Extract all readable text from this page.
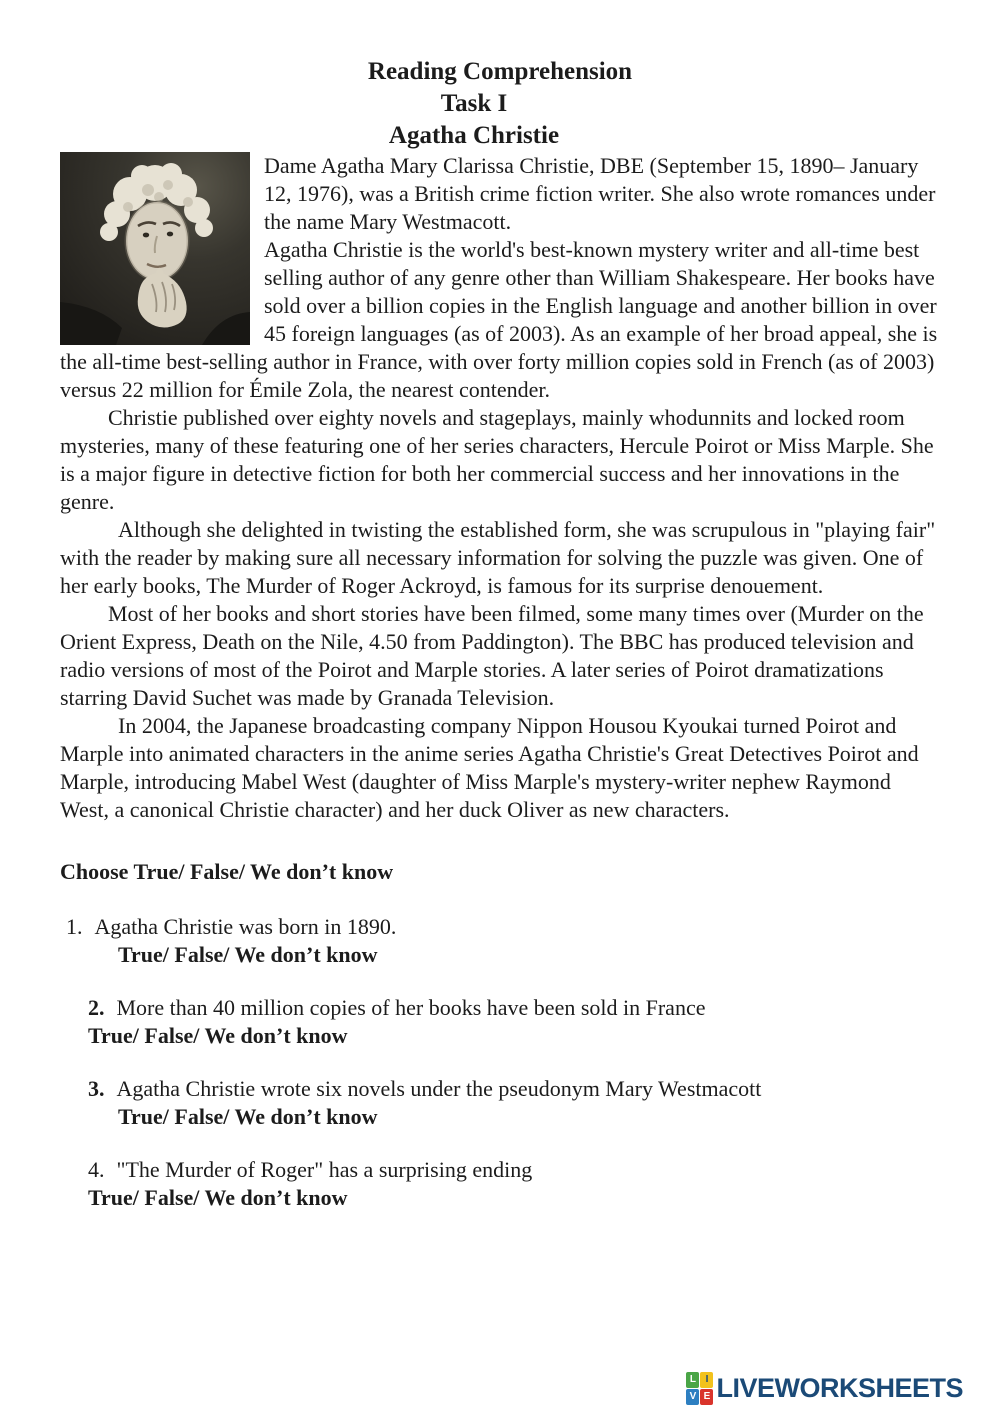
Reading Comprehension
Task I
Agatha Christie

Dame Agatha Mary Clarissa Christie, DBE (September 15, 1890– January 12, 1976), was a British crime fiction writer. She also wrote romances under the name Mary Westmacott.

Agatha Christie is the world's best-known mystery writer and all-time best selling author of any genre other than William Shakespeare. Her books have sold over a billion copies in the English language and another billion in over 45 foreign languages (as of 2003). As an example of her broad appeal, she is the all-time best-selling author in France, with over forty million copies sold in French (as of 2003) versus 22 million for Émile Zola, the nearest contender.

Christie published over eighty novels and stageplays, mainly whodunnits and locked room mysteries, many of these featuring one of her series characters, Hercule Poirot or Miss Marple. She is a major figure in detective fiction for both her commercial success and her innovations in the genre.

Although she delighted in twisting the established form, she was scrupulous in "playing fair" with the reader by making sure all necessary information for solving the puzzle was given. One of her early books, The Murder of Roger Ackroyd, is famous for its surprise denouement.

Most of her books and short stories have been filmed, some many times over (Murder on the Orient Express, Death on the Nile, 4.50 from Paddington). The BBC has produced television and radio versions of most of the Poirot and Marple stories. A later series of Poirot dramatizations starring David Suchet was made by Granada Television.

In 2004, the Japanese broadcasting company Nippon Housou Kyoukai turned Poirot and Marple into animated characters in the anime series Agatha Christie's Great Detectives Poirot and Marple, introducing Mabel West (daughter of Miss Marple's mystery-writer nephew Raymond West, a canonical Christie character) and her duck Oliver as new characters.

Choose True/ False/ We don’t know
1. Agatha Christie was born in 1890.
True/ False/ We don’t know
2. More than 40 million copies of her books have been sold in France
True/ False/ We don’t know
3. Agatha Christie wrote six novels under the pseudonym Mary Westmacott
True/ False/ We don’t know
4. "The Murder of Roger" has a surprising ending
True/ False/ We don’t know
L I
V E LIVEWORKSHEETS
